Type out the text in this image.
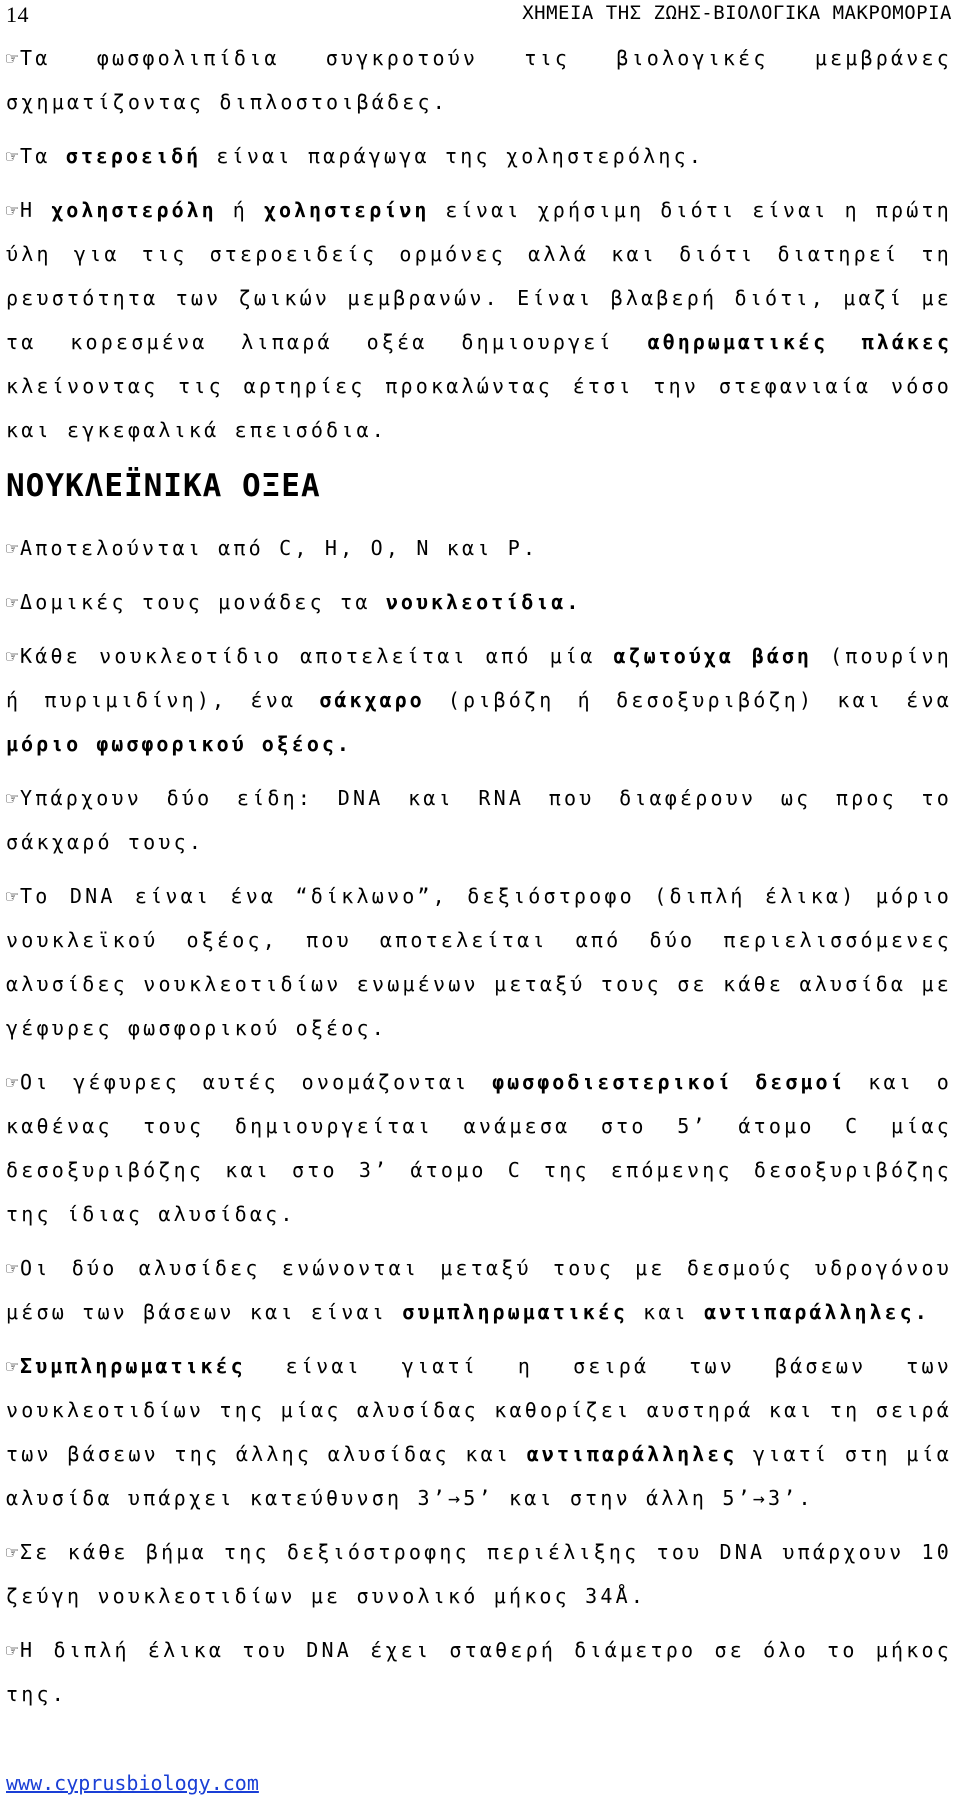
14	ΧΗΜΕΙΑ ΤΗΣ ΖΩΗΣ-ΒΙΟΛΟΓΙΚΑ ΜΑΚΡΟΜΟΡΙΑ

☞ Τα φωσφολιπίδια συγκροτούν τις βιολογικές μεμβράνες σχηματίζοντας διπλοστοιβάδες.

☞ Τα στεροειδή είναι παράγωγα της χοληστερόλης.

☞ Η χοληστερόλη ή χοληστερίνη είναι χρήσιμη διότι είναι η πρώτη ύλη για τις στεροειδείς ορμόνες αλλά και διότι διατηρεί τη ρευστότητα των ζωικών μεμβρανών. Είναι βλαβερή διότι, μαζί με τα κορεσμένα λιπαρά οξέα δημιουργεί αθηρωματικές πλάκες κλείνοντας τις αρτηρίες προκαλώντας έτσι την στεφανιαία νόσο και εγκεφαλικά επεισόδια.

ΝΟΥΚΛΕΪΝΙΚΑ ΟΞΕΑ

☞ Αποτελούνται από C, H, O, N και P.

☞ Δομικές τους μονάδες τα νουκλεοτίδια.

☞ Κάθε νουκλεοτίδιο αποτελείται από μία αζωτούχα βάση (πουρίνη ή πυριμιδίνη), ένα σάκχαρο (ριβόζη ή δεσοξυριβόζη) και ένα μόριο φωσφορικού οξέος.

☞ Υπάρχουν δύο είδη: DNA και RNA που διαφέρουν ως προς το σάκχαρό τους.

☞ Το DNA είναι ένα “δίκλωνο”, δεξιόστροφο (διπλή έλικα) μόριο νουκλεϊκού οξέος, που αποτελείται από δύο περιελισσόμενες αλυσίδες νουκλεοτιδίων ενωμένων μεταξύ τους σε κάθε αλυσίδα με γέφυρες φωσφορικού οξέος.

☞ Οι γέφυρες αυτές ονομάζονται φωσφοδιεστερικοί δεσμοί και ο καθένας τους δημιουργείται ανάμεσα στο 5’ άτομο C μίας δεσοξυριβόζης και στο 3’ άτομο C της επόμενης δεσοξυριβόζης της ίδιας αλυσίδας.

☞ Οι δύο αλυσίδες ενώνονται μεταξύ τους με δεσμούς υδρογόνου μέσω των βάσεων και είναι συμπληρωματικές και αντιπαράλληλες.

☞ Συμπληρωματικές είναι γιατί η σειρά των βάσεων των νουκλεοτιδίων της μίας αλυσίδας καθορίζει αυστηρά και τη σειρά των βάσεων της άλλης αλυσίδας και αντιπαράλληλες γιατί στη μία αλυσίδα υπάρχει κατεύθυνση 3’→5’ και στην άλλη 5’→3’.

☞ Σε κάθε βήμα της δεξιόστροφης περιέλιξης του DNA υπάρχουν 10 ζεύγη νουκλεοτιδίων με συνολικό μήκος 34Å.

☞ Η διπλή έλικα του DNA έχει σταθερή διάμετρο σε όλο το μήκος της.

www.cyprusbiology.com
